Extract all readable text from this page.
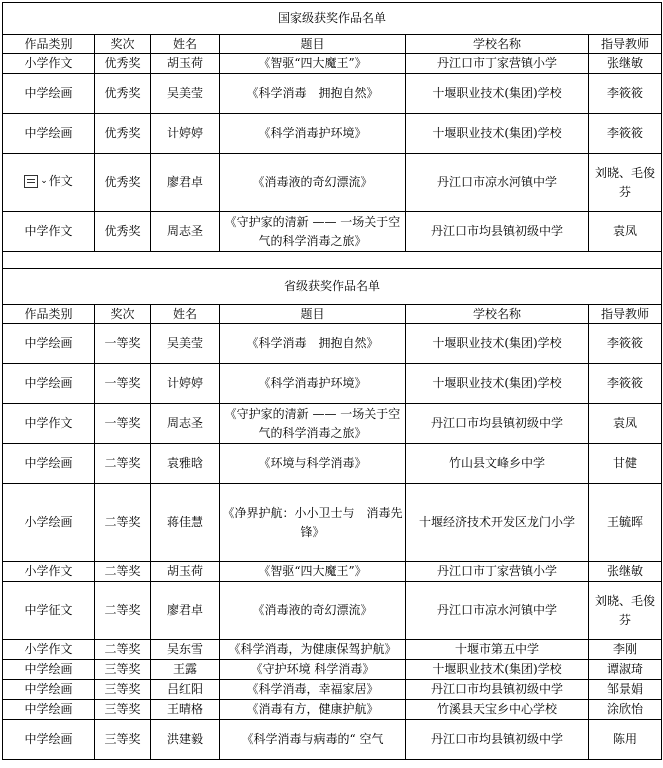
国家级获奖作品名单					
作品类别	奖次	姓名	题目	学校名称	指导教师
小学作文	优秀奖	胡玉荷	《智驱“四大魔王”》	丹江口市丁家营镇小学	张继敏
中学绘画	优秀奖	吴美莹	《科学消毒　拥抱自然》	十堰职业技术(集团)学校	李筱筱
中学绘画	优秀奖	计婷婷	《科学消毒护环境》	十堰职业技术(集团)学校	李筱筱

⌄ 作文	优秀奖	廖君卓	《消毒液的奇幻漂流》	丹江口市凉水河镇中学	刘晓、毛俊芬
中学作文	优秀奖	周志圣	《守护家的清新 —— 一场关于空气的科学消毒之旅》	丹江口市均县镇初级中学	袁凤

省级获奖作品名单					
作品类别	奖次	姓名	题目	学校名称	指导教师
中学绘画	一等奖	吴美莹	《科学消毒　拥抱自然》	十堰职业技术(集团)学校	李筱筱
中学绘画	一等奖	计婷婷	《科学消毒护环境》	十堰职业技术(集团)学校	李筱筱
中学作文	一等奖	周志圣	《守护家的清新 —— 一场关于空气的科学消毒之旅》	丹江口市均县镇初级中学	袁凤
中学绘画	二等奖	袁雅晗	《环境与科学消毒》	竹山县文峰乡中学	甘健
小学绘画	二等奖	蒋佳慧	《净界护航：小小卫士与　消毒先锋》	十堰经济技术开发区龙门小学	王毓晖
小学作文	二等奖	胡玉荷	《智驱“四大魔王”》	丹江口市丁家营镇小学	张继敏
中学征文	二等奖	廖君卓	《消毒液的奇幻漂流》	丹江口市凉水河镇中学	刘晓、毛俊芬
小学作文	二等奖	吴东雪	《科学消毒，为健康保驾护航》	十堰市第五中学	李刚
中学绘画	三等奖	王露	《守护环境 科学消毒》	十堰职业技术(集团)学校	谭淑琦
中学绘画	三等奖	吕红阳	《科学消毒，幸福家居》	丹江口市均县镇初级中学	邹景娟
中学绘画	三等奖	王晴格	《消毒有方，健康护航》	竹溪县天宝乡中心学校	涂欣怡
中学绘画	三等奖	洪建毅	《科学消毒与病毒的“ 空气	丹江口市均县镇初级中学	陈用
